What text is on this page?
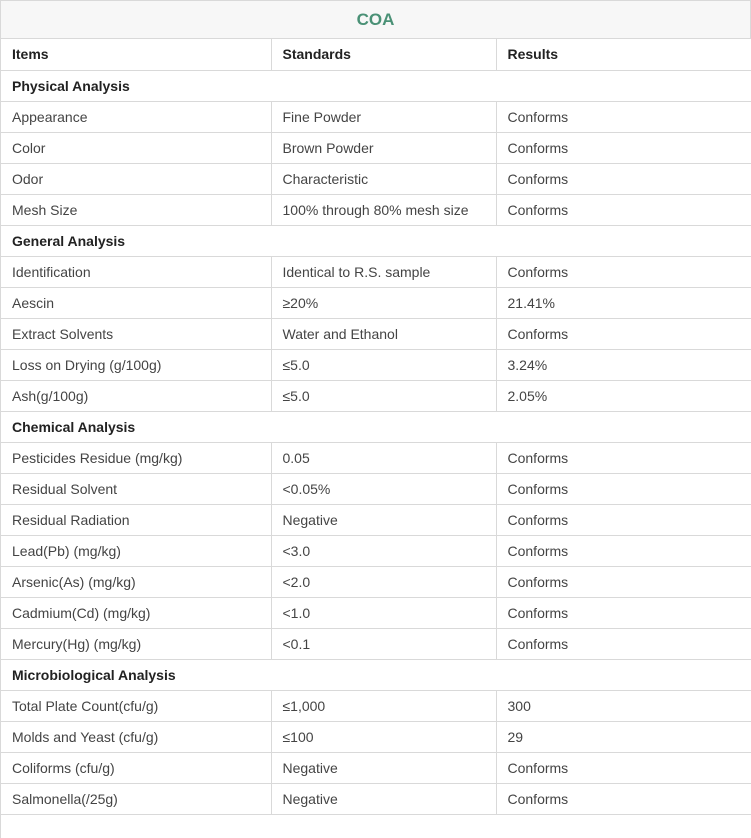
COA
Items	Standards	Results
Physical Analysis		
Appearance	Fine Powder	Conforms
Color	Brown Powder	Conforms
Odor	Characteristic	Conforms
Mesh Size	100% through 80% mesh size	Conforms
General Analysis		
Identification	Identical to R.S. sample	Conforms
Aescin	≥20%	21.41%
Extract Solvents	Water and Ethanol	Conforms
Loss on Drying (g/100g)	≤5.0	3.24%
Ash(g/100g)	≤5.0	2.05%
Chemical Analysis		
Pesticides Residue (mg/kg)	0.05	Conforms
Residual Solvent	<0.05%	Conforms
Residual Radiation	Negative	Conforms
Lead(Pb) (mg/kg)	<3.0	Conforms
Arsenic(As) (mg/kg)	<2.0	Conforms
Cadmium(Cd) (mg/kg)	<1.0	Conforms
Mercury(Hg) (mg/kg)	<0.1	Conforms
Microbiological Analysis		
Total Plate Count(cfu/g)	≤1,000	300
Molds and Yeast (cfu/g)	≤100	29
Coliforms (cfu/g)	Negative	Conforms
Salmonella(/25g)	Negative	Conforms
